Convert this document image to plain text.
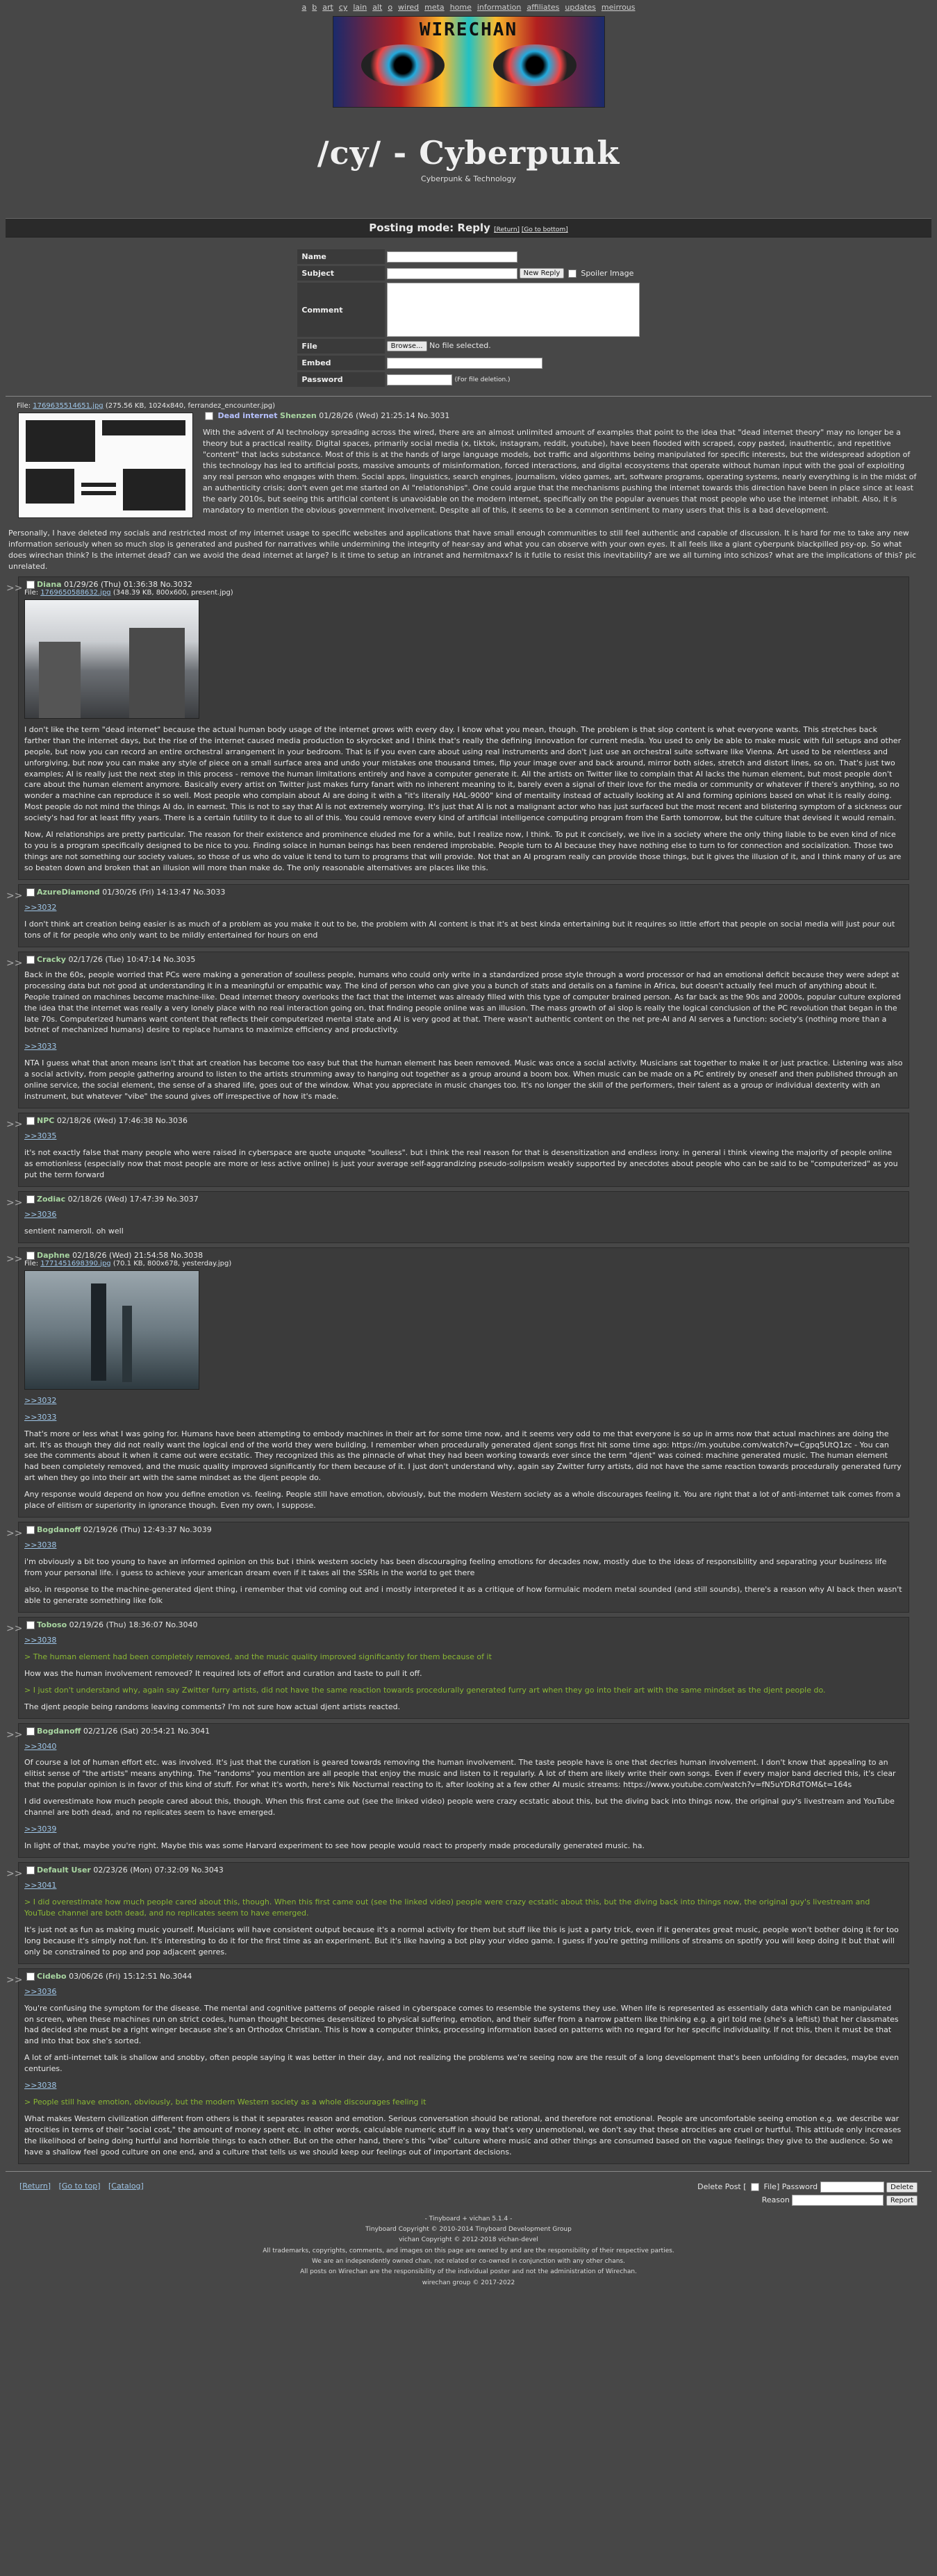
a b art cy lain alt o wired meta home information affiliates updates meirrous
WIRECHAN
/cy/ - Cyberpunk
Cyberpunk & Technology
Posting mode: Reply [Return] [Go to bottom]
Name	

Subject	New Reply Spoiler Image

Comment	

File	Browse... No file selected.
Embed	

Password	(For file deletion.)
File: 1769635514651.jpg (275.56 KB, 1024x840, ferrandez_encounter.jpg)
Dead internet Shenzen 01/28/26 (Wed) 21:25:14 No.3031
With the advent of AI technology spreading across the wired, there are an almost unlimited amount of examples that point to the idea that "dead internet theory" may no longer be a theory but a practical reality. Digital spaces, primarily social media (x, tiktok, instagram, reddit, youtube), have been flooded with scraped, copy pasted, inauthentic, and repetitive "content" that lacks substance. Most of this is at the hands of large language models, bot traffic and algorithms being manipulated for specific interests, but the widespread adoption of this technology has led to artificial posts, massive amounts of misinformation, forced interactions, and digital ecosystems that operate without human input with the goal of exploiting any real person who engages with them. Social apps, linguistics, search engines, journalism, video games, art, software programs, operating systems, nearly everything is in the midst of an authenticity crisis; don't even get me started on AI "relationships". One could argue that the mechanisms pushing the internet towards this direction have been in place since at least the early 2010s, but seeing this artificial content is unavoidable on the modern internet, specifically on the popular avenues that most people who use the internet inhabit. Also, it is mandatory to mention the obvious government involvement. Despite all of this, it seems to be a common sentiment to many users that this is a bad development.
Personally, I have deleted my socials and restricted most of my internet usage to specific websites and applications that have small enough communities to still feel authentic and capable of discussion. It is hard for me to take any new information seriously when so much slop is generated and pushed for narratives while undermining the integrity of hear-say and what you can observe with your own eyes. It all feels like a giant cyberpunk blackpilled psy-op. So what does wirechan think? Is the internet dead? can we avoid the dead internet at large? Is it time to setup an intranet and hermitmaxx? Is it futile to resist this inevitability? are we all turning into schizos? what are the implications of this? pic unrelated.
>>	Diana 01/29/26 (Thu) 01:36:38 No.3032
File: 1769650588632.jpg (348.39 KB, 800x600, present.jpg)

I don't like the term "dead internet" because the actual human body usage of the internet grows with every day. I know what you mean, though. The problem is that slop content is what everyone wants. This stretches back farther than the internet days, but the rise of the internet caused media production to skyrocket and I think that's really the defining innovation for current media. You used to only be able to make music with full setups and other people, but now you can record an entire orchestral arrangement in your bedroom. That is if you even care about using real instruments and don't just use an orchestral suite software like Vienna. Art used to be relentless and unforgiving, but now you can make any style of piece on a small surface area and undo your mistakes one thousand times, flip your image over and back around, mirror both sides, stretch and distort lines, so on. That's just two examples; AI is really just the next step in this process - remove the human limitations entirely and have a computer generate it. All the artists on Twitter like to complain that AI lacks the human element, but most people don't care about the human element anymore. Basically every artist on Twitter just makes furry fanart with no inherent meaning to it, barely even a signal of their love for the media or community or whatever if there's anything, so no wonder a machine can reproduce it so well. Most people who complain about AI are doing it with a "it's literally HAL-9000" kind of mentality instead of actually looking at AI and forming opinions based on what it is really doing. Most people do not mind the things AI do, in earnest. This is not to say that AI is not extremely worrying. It's just that AI is not a malignant actor who has just surfaced but the most recent and blistering symptom of a sickness our society's had for at least fifty years. There is a certain futility to it due to all of this. You could remove every kind of artificial intelligence computing program from the Earth tomorrow, but the culture that devised it would remain.

Now, AI relationships are pretty particular. The reason for their existence and prominence eluded me for a while, but I realize now, I think. To put it concisely, we live in a society where the only thing liable to be even kind of nice to you is a program specifically designed to be nice to you. Finding solace in human beings has been rendered improbable. People turn to AI because they have nothing else to turn to for connection and socialization. Those two things are not something our society values, so those of us who do value it tend to turn to programs that will provide. Not that an AI program really can provide those things, but it gives the illusion of it, and I think many of us are so beaten down and broken that an illusion will more than make do. The only reasonable alternatives are places like this.

>>	AzureDiamond 01/30/26 (Fri) 14:13:47 No.3033

>>3032

I don't think art creation being easier is as much of a problem as you make it out to be, the problem with AI content is that it's at best kinda entertaining but it requires so little effort that people on social media will just pour out tons of it for people who only want to be mildly entertained for hours on end

>>	Cracky 02/17/26 (Tue) 10:47:14 No.3035

Back in the 60s, people worried that PCs were making a generation of soulless people, humans who could only write in a standardized prose style through a word processor or had an emotional deficit because they were adept at processing data but not good at understanding it in a meaningful or empathic way. The kind of person who can give you a bunch of stats and details on a famine in Africa, but doesn't actually feel much of anything about it. People trained on machines become machine-like. Dead internet theory overlooks the fact that the internet was already filled with this type of computer brained person. As far back as the 90s and 2000s, popular culture explored the idea that the internet was really a very lonely place with no real interaction going on, that finding people online was an illusion. The mass growth of ai slop is really the logical conclusion of the PC revolution that began in the late 70s. Computerized humans want content that reflects their computerized mental state and AI is very good at that. There wasn't authentic content on the net pre-AI and AI serves a function: society's (nothing more than a botnet of mechanized humans) desire to replace humans to maximize efficiency and productivity.

>>3033

NTA I guess what that anon means isn't that art creation has become too easy but that the human element has been removed. Music was once a social activity. Musicians sat together to make it or just practice. Listening was also a social activity, from people gathering around to listen to the artists strumming away to hanging out together as a group around a boom box. When music can be made on a PC entirely by oneself and then published through an online service, the social element, the sense of a shared life, goes out of the window. What you appreciate in music changes too. It's no longer the skill of the performers, their talent as a group or individual dexterity with an instrument, but whatever "vibe" the sound gives off irrespective of how it's made.

>>	NPC 02/18/26 (Wed) 17:46:38 No.3036

>>3035

it's not exactly false that many people who were raised in cyberspace are quote unquote "soulless". but i think the real reason for that is desensitization and endless irony. in general i think viewing the majority of people online as emotionless (especially now that most people are more or less active online) is just your average self-aggrandizing pseudo-solipsism weakly supported by anecdotes about people who can be said to be "computerized" as you put the term forward

>>	Zodiac 02/18/26 (Wed) 17:47:39 No.3037

>>3036

sentient nameroll. oh well

>>	Daphne 02/18/26 (Wed) 21:54:58 No.3038
File: 1771451698390.jpg (70.1 KB, 800x678, yesterday.jpg)

>>3032

>>3033

That's more or less what I was going for. Humans have been attempting to embody machines in their art for some time now, and it seems very odd to me that everyone is so up in arms now that actual machines are doing the art. It's as though they did not really want the logical end of the world they were building. I remember when procedurally generated djent songs first hit some time ago: https://m.youtube.com/watch?v=Cgpq5UtQ1zc - You can see the comments about it when it came out were ecstatic. They recognized this as the pinnacle of what they had been working towards ever since the term "djent" was coined: machine generated music. The human element had been completely removed, and the music quality improved significantly for them because of it. I just don't understand why, again say Zwitter furry artists, did not have the same reaction towards procedurally generated furry art when they go into their art with the same mindset as the djent people do.

Any response would depend on how you define emotion vs. feeling. People still have emotion, obviously, but the modern Western society as a whole discourages feeling it. You are right that a lot of anti-internet talk comes from a place of elitism or superiority in ignorance though. Even my own, I suppose.

>>	Bogdanoff 02/19/26 (Thu) 12:43:37 No.3039

>>3038

i'm obviously a bit too young to have an informed opinion on this but i think western society has been discouraging feeling emotions for decades now, mostly due to the ideas of responsibility and separating your business life from your personal life. i guess to achieve your american dream even if it takes all the SSRIs in the world to get there

also, in response to the machine-generated djent thing, i remember that vid coming out and i mostly interpreted it as a critique of how formulaic modern metal sounded (and still sounds), there's a reason why AI back then wasn't able to generate something like folk

>>	Toboso 02/19/26 (Thu) 18:36:07 No.3040

>>3038

> The human element had been completely removed, and the music quality improved significantly for them because of it

How was the human involvement removed? It required lots of effort and curation and taste to pull it off.

> I just don't understand why, again say Zwitter furry artists, did not have the same reaction towards procedurally generated furry art when they go into their art with the same mindset as the djent people do.

The djent people being randoms leaving comments? I'm not sure how actual djent artists reacted.

>>	Bogdanoff 02/21/26 (Sat) 20:54:21 No.3041

>>3040

Of course a lot of human effort etc. was involved. It's just that the curation is geared towards removing the human involvement. The taste people have is one that decries human involvement. I don't know that appealing to an elitist sense of "the artists" means anything. The "randoms" you mention are all people that enjoy the music and listen to it regularly. A lot of them are likely write their own songs. Even if every major band decried this, it's clear that the popular opinion is in favor of this kind of stuff. For what it's worth, here's Nik Nocturnal reacting to it, after looking at a few other AI music streams: https://www.youtube.com/watch?v=fN5uYDRdTOM&t=164s

I did overestimate how much people cared about this, though. When this first came out (see the linked video) people were crazy ecstatic about this, but the diving back into things now, the original guy's livestream and YouTube channel are both dead, and no replicates seem to have emerged.

>>3039

In light of that, maybe you're right. Maybe this was some Harvard experiment to see how people would react to properly made procedurally generated music. ha.

>>	Default User 02/23/26 (Mon) 07:32:09 No.3043

>>3041

> I did overestimate how much people cared about this, though. When this first came out (see the linked video) people were crazy ecstatic about this, but the diving back into things now, the original guy's livestream and YouTube channel are both dead, and no replicates seem to have emerged.

It's just not as fun as making music yourself. Musicians will have consistent output because it's a normal activity for them but stuff like this is just a party trick, even if it generates great music, people won't bother doing it for too long because it's simply not fun. It's interesting to do it for the first time as an experiment. But it's like having a bot play your video game. I guess if you're getting millions of streams on spotify you will keep doing it but that will only be constrained to pop and pop adjacent genres.

>>	Cidebo 03/06/26 (Fri) 15:12:51 No.3044

>>3036

You're confusing the symptom for the disease. The mental and cognitive patterns of people raised in cyberspace comes to resemble the systems they use. When life is represented as essentially data which can be manipulated on screen, when these machines run on strict codes, human thought becomes desensitized to physical suffering, emotion, and their suffer from a narrow pattern like thinking e.g. a girl told me (she's a leftist) that her classmates had decided she must be a right winger because she's an Orthodox Christian. This is how a computer thinks, processing information based on patterns with no regard for her specific individuality. If not this, then it must be that and into that box she's sorted.

A lot of anti-internet talk is shallow and snobby, often people saying it was better in their day, and not realizing the problems we're seeing now are the result of a long development that's been unfolding for decades, maybe even centuries.

>>3038

> People still have emotion, obviously, but the modern Western society as a whole discourages feeling it

What makes Western civilization different from others is that it separates reason and emotion. Serious conversation should be rational, and therefore not emotional. People are uncomfortable seeing emotion e.g. we describe war atrocities in terms of their "social cost," the amount of money spent etc. in other words, calculable numeric stuff in a way that's very unemotional, we don't say that these atrocities are cruel or hurtful. This attitude only increases the likelihood of being doing hurtful and horrible things to each other. But on the other hand, there's this "vibe" culture where music and other things are consumed based on the vague feelings they give to the audience. So we have a shallow feel good culture on one end, and a culture that tells us we should keep our feelings out of important decisions.

[Return] [Go to top] [Catalog]	Delete Post [ File] Password	Delete
Reason	Report
- Tinyboard + vichan 5.1.4 -
Tinyboard Copyright © 2010-2014 Tinyboard Development Group
vichan Copyright © 2012-2018 vichan-devel
All trademarks, copyrights, comments, and images on this page are owned by and are the responsibility of their respective parties.
We are an independently owned chan, not related or co-owned in conjunction with any other chans.
All posts on Wirechan are the responsibility of the individual poster and not the administration of Wirechan.
wirechan group © 2017-2022
